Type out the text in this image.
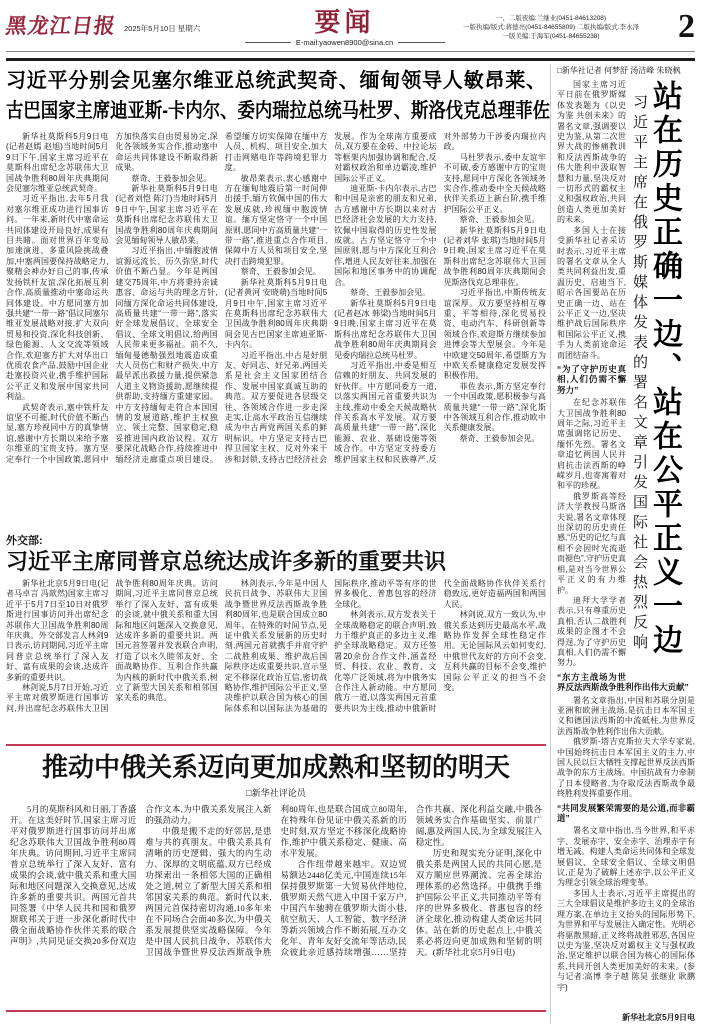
黑龙江日报 2025年5月10日 星期六	要闻
E-mail:yaowen8900@sina.cn
一、二版夜编:兰继业(0451-84613208)
一版执编/版式:蒋德亮(0451-84655809) 二版执编/版式:李永泽
一版美编:于海军(0451-84655238)	2
习近平分别会见塞尔维亚总统武契奇、缅甸领导人敏昂莱、
古巴国家主席迪亚斯-卡内尔、委内瑞拉总统马杜罗、斯洛伐克总理菲佐

新华社莫斯科5月9日电(记者赵嫣 赵旭)当地时间5月9日下午,国家主席习近平在莫斯科出席纪念苏联伟大卫国战争胜利80周年庆典期间会见塞尔维亚总统武契奇。

习近平指出,去年5月我对塞尔维亚成功进行国事访问。一年来,新时代中塞命运共同体建设开局良好,成果有目共睹。面对世界百年变局加速演进、多重风险挑战叠加,中塞两国要保持战略定力,聚精会神办好自己的事,传承发扬铁杆友谊,深化拓展互利合作,高质量推动中塞命运共同体建设。中方愿同塞方加强共建“一带一路”倡议同塞尔维亚发展战略对接,扩大双向贸易和投资,深化科技创新、绿色能源、人文交流等领域合作,欢迎塞方扩大对华出口优质农食产品,鼓励中国企业赴塞投资兴业,携手维护国际公平正义和发展中国家共同利益。

武契奇表示,塞中铁杆友谊坚不可摧,时代价值不断凸显,塞方珍视同中方的真挚情谊,感谢中方长期以来给予塞尔维亚的宝贵支持。塞方坚定奉行一个中国政策,愿同中方加快落实自由贸易协定,深化各领域务实合作,推动塞中命运共同体建设不断取得新成果。

蔡奇、王毅参加会见。

新华社莫斯科5月9日电(记者刘恺 陈汀)当地时间5月9日中午,国家主席习近平在莫斯科出席纪念苏联伟大卫国战争胜利80周年庆典期间会见缅甸领导人敏昂莱。

习近平指出,中缅胞波情谊源远流长、历久弥坚,时代价值不断凸显。今年是两国建交75周年,中方将秉持亲诚惠容、命运与共的理念方针,同缅方深化命运共同体建设,高质量共建“一带一路”,落实好全球发展倡议、全球安全倡议、全球文明倡议,给两国人民带来更多福祉。前不久,缅甸曼德勒强烈地震造成重大人员伤亡和财产损失,中方最早派出救援力量,提供紧急人道主义物资援助,愿继续提供帮助,支持缅方重建家园。中方支持缅甸走符合本国国情的发展道路,维护主权独立、领土完整、国家稳定,稳妥推进国内政治议程。双方要深化战略合作,持续推进中缅经济走廊重点项目建设。希望缅方切实保障在缅中方人员、机构、项目安全,加大打击网赌电诈等跨境犯罪力度。

敏昂莱表示,衷心感谢中方在缅甸地震后第一时间伸出援手,缅方钦佩中国的伟大发展成就,珍视缅中胞波情谊。缅方坚定恪守一个中国原则,愿同中方高质量共建“一带一路”,推进重点合作项目,保障中方人员和项目安全,坚决打击跨境犯罪。

蔡奇、王毅参加会见。

新华社莫斯科5月9日电(记者黄河 安晓萌)当地时间5月9日中午,国家主席习近平在莫斯科出席纪念苏联伟大卫国战争胜利80周年庆典期间会见古巴国家主席迪亚斯-卡内尔。

习近平指出,中古是好朋友、好同志、好兄弟,两国关系是社会主义国家团结合作、发展中国家真诚互助的典范。双方要促进各层级交往、各领域合作进一步走深走实,让高水平政治互信继续成为中古两党两国关系的鲜明标识。中方坚定支持古巴捍卫国家主权、反对外来干涉和封锁,支持古巴经济社会发展。作为全球南方重要成员,双方要在金砖、中拉论坛等框架内加强协调和配合,反对霸权政治和单边霸凌,维护国际公平正义。

迪亚斯-卡内尔表示,古巴和中国是亲密的朋友和兄弟,古方感谢中方长期以来对古巴经济社会发展的大力支持,钦佩中国取得的历史性发展成就。古方坚定恪守一个中国原则,愿与中方深化互利合作,增进人民友好往来,加强在国际和地区事务中的协调配合。

蔡奇、王毅参加会见。

新华社莫斯科5月9日电(记者赵冰 韩梁)当地时间5月9日晚,国家主席习近平在莫斯科出席纪念苏联伟大卫国战争胜利80周年庆典期间会见委内瑞拉总统马杜罗。

习近平指出,中委是相互信赖的好朋友、共同发展的好伙伴。中方愿同委方一道,以落实两国元首重要共识为主线,推动中委全天候战略伙伴关系高水平发展。双方要高质量共建“一带一路”,深化能源、农业、基础设施等领域合作。中方坚定支持委方维护国家主权和民族尊严,反对外部势力干涉委内瑞拉内政。

马杜罗表示,委中友谊牢不可破,委方感谢中方的宝贵支持,愿同中方深化各领域务实合作,推动委中全天候战略伙伴关系迈上新台阶,携手维护国际公平正义。

蔡奇、王毅参加会见。

新华社莫斯科5月9日电(记者刘华 张琪)当地时间5月9日晚,国家主席习近平在莫斯科出席纪念苏联伟大卫国战争胜利80周年庆典期间会见斯洛伐克总理菲佐。

习近平指出,中斯传统友谊深厚。双方要坚持相互尊重、平等相待,深化贸易投资、电动汽车、科研创新等领域合作,欢迎斯方继续参加进博会等大型展会。今年是中欧建交50周年,希望斯方为中欧关系健康稳定发展发挥积极作用。

菲佐表示,斯方坚定奉行一个中国政策,愿积极参与高质量共建“一带一路”,深化斯中各领域互利合作,推动欧中关系健康发展。

蔡奇、王毅参加会见。

外交部:
习近平主席同普京总统达成许多新的重要共识

新华社北京5月9日电(记者马卓言 冯歆然)国家主席习近平于5月7日至10日对俄罗斯进行国事访问并出席纪念苏联伟大卫国战争胜利80周年庆典。外交部发言人林剑9日表示,访问期间,习近平主席同普京总统举行了深入友好、富有成果的会谈,达成许多新的重要共识。

林剑说,5月7日开始,习近平主席对俄罗斯进行国事访问,并出席纪念苏联伟大卫国战争胜利80周年庆典。访问期间,习近平主席同普京总统举行了深入友好、富有成果的会谈,就中俄关系和重大国际和地区问题深入交换意见,达成许多新的重要共识。两国元首签署并发表联合声明,打造了以永久睦邻友好、全面战略协作、互利合作共赢为内核的新时代中俄关系,树立了新型大国关系和相邻国家关系的典范。

林剑表示,今年是中国人民抗日战争、苏联伟大卫国战争暨世界反法西斯战争胜利80周年,也是联合国成立80周年。在特殊的时间节点,见证中俄关系发展新的历史时刻,两国元首就携手并肩守护二战胜利成果、维护战后国际秩序达成重要共识,宣示坚定不移深化政治互信,密切战略协作,维护国际公平正义,坚决维护以联合国为核心的国际体系和以国际法为基础的国际秩序,推动平等有序的世界多极化、普惠包容的经济全球化。

林剑表示,双方发表关于全球战略稳定的联合声明,致力于维护真正的多边主义,维护全球战略稳定。双方还签署20余份合作文件,涵盖经贸、科技、农业、教育、文化等广泛领域,将为中俄务实合作注入新动能。中方愿同俄方一道,以落实两国元首重要共识为主线,推动中俄新时代全面战略协作伙伴关系行稳致远,更好造福两国和两国人民。

林剑说,双方一致认为,中俄关系达到历史最高水平,战略协作发挥全球性稳定作用。无论国际风云如何变幻,中俄世代友好的方向不会变,互利共赢的目标不会变,维护国际公平正义的担当不会变。

推动中俄关系迈向更加成熟和坚韧的明天
□新华社评论员

5月的莫斯科风和日丽,丁香盛开。在这美好时节,国家主席习近平对俄罗斯进行国事访问并出席纪念苏联伟大卫国战争胜利80周年庆典。访问期间,习近平主席同普京总统举行了深入友好、富有成果的会谈,就中俄关系和重大国际和地区问题深入交换意见,达成许多新的重要共识。两国元首共同签署《中华人民共和国和俄罗斯联邦关于进一步深化新时代中俄全面战略协作伙伴关系的联合声明》,共同见证交换20多份双边合作文本,为中俄关系发展注入新的强劲动力。

中俄是搬不走的好邻居,是患难与共的真朋友。中俄关系具有清晰的历史逻辑、强大的内生动力、深厚的文明底蕴,双方已经成功探索出一条相邻大国的正确相处之道,树立了新型大国关系和相邻国家关系的典范。新时代以来,两国元首保持密切沟通,10多年来在不同场合会面40多次,为中俄关系发展提供坚实战略保障。今年是中国人民抗日战争、苏联伟大卫国战争暨世界反法西斯战争胜利80周年,也是联合国成立80周年,在特殊年份见证中俄关系新的历史时刻,双方坚定不移深化战略协作,维护中俄关系稳定、健康、高水平发展。

合作纽带越来越牢。双边贸易额达2448亿美元,中国连续15年保持俄罗斯第一大贸易伙伴地位,俄罗斯天然气进入中国千家万户,中国汽车驰骋在俄罗斯大街小巷,航空航天、人工智能、数字经济等新兴领域合作不断拓展,互办文化年、青年友好交流年等活动,民众彼此亲近感持续增强……坚持合作共赢、深化利益交融,中俄各领域务实合作基础坚实、前景广阔,惠及两国人民,为全球发展注入稳定性。

历史和现实充分证明,深化中俄关系是两国人民的共同心愿,是双方顺应世界潮流、完善全球治理体系的必然选择。中俄携手维护国际公平正义,共同推动平等有序的世界多极化、普惠包容的经济全球化,推动构建人类命运共同体。站在新的历史起点上,中俄关系必将迈向更加成熟和坚韧的明天。(新华社北京5月9日电)

□新华社记者 何梦舒 汤洁峰 朱晓枫
站在历史正确一边、站在公平正义一边
习近平主席在俄罗斯媒体发表的署名文章引发国际社会热烈反响

国家主席习近平日前在俄罗斯媒体发表题为《以史为鉴 共创未来》的署名文章,强调要以史为鉴,从第二次世界大战的惨痛教训和反法西斯战争的伟大胜利中汲取智慧和力量,坚决反对一切形式的霸权主义和强权政治,共同创造人类更加美好的未来。

多国人士在接受新华社记者采访时表示,习近平主席的署名文章从全人类共同利益出发,重温历史、启迪当下,昭示各国要站在历史正确一边、站在公平正义一边,坚决维护战后国际秩序和国际公平正义,携手为人类前途命运而团结奋斗。

“为了守护历史真相,人们仍需不懈努力”

在纪念苏联伟大卫国战争胜利80周年之际,习近平主席强调铭记历史、缅怀先烈。署名文章追忆两国人民并肩抗击法西斯的峥嵘岁月,也寄寓着对和平的珍视。

俄罗斯高等经济大学教授马斯洛夫说,署名文章体现出深切的历史责任感,“历史的记忆与真相不会因时光流逝而褪色”,守护历史真相,是对当今世界公平正义的有力维护。

迪拜大学学者表示,只有尊重历史真相,否认二战胜利成果的企图才不会得逞,为了守护历史真相,人们仍需不懈努力。

“东方主战场为世界反法西斯战争胜利作出伟大贡献”

署名文章指出,中国和苏联分别是亚洲和欧洲主战场,是抗击日本军国主义和德国法西斯的中流砥柱,为世界反法西斯战争胜利作出伟大贡献。

俄罗斯-塔吉克斯拉夫大学专家说,中国始终抗击日本军国主义的主力,中国人民以巨大牺牲支撑起世界反法西斯战争的东方主战场。中国抗战有力牵制了日本侵略者,为夺取反法西斯战争最终胜利发挥重要作用。

“共同发展繁荣需要的是公道,而非霸道”

署名文章中指出,当今世界,和平赤字、发展赤字、安全赤字、治理赤字有增无减。构建人类命运共同体和全球发展倡议、全球安全倡议、全球文明倡议,正是为了破解上述赤字,以公平正义为理念引领全球治理变革。

多国人士表示,习近平主席提出的三大全球倡议是维护多边主义的全球治理方案,在单边主义抬头的国际形势下,为世界和平与发展注入确定性。光明必将驱散黑暗,正义终将战胜邪恶,各国应以史为鉴,坚决反对霸权主义与强权政治,坚定维护以联合国为核心的国际体系,共同开创人类更加美好的未来。(参与记者:高博 李子越 陈昊 张继业 耿鹏宇)

新华社北京5月9日电
